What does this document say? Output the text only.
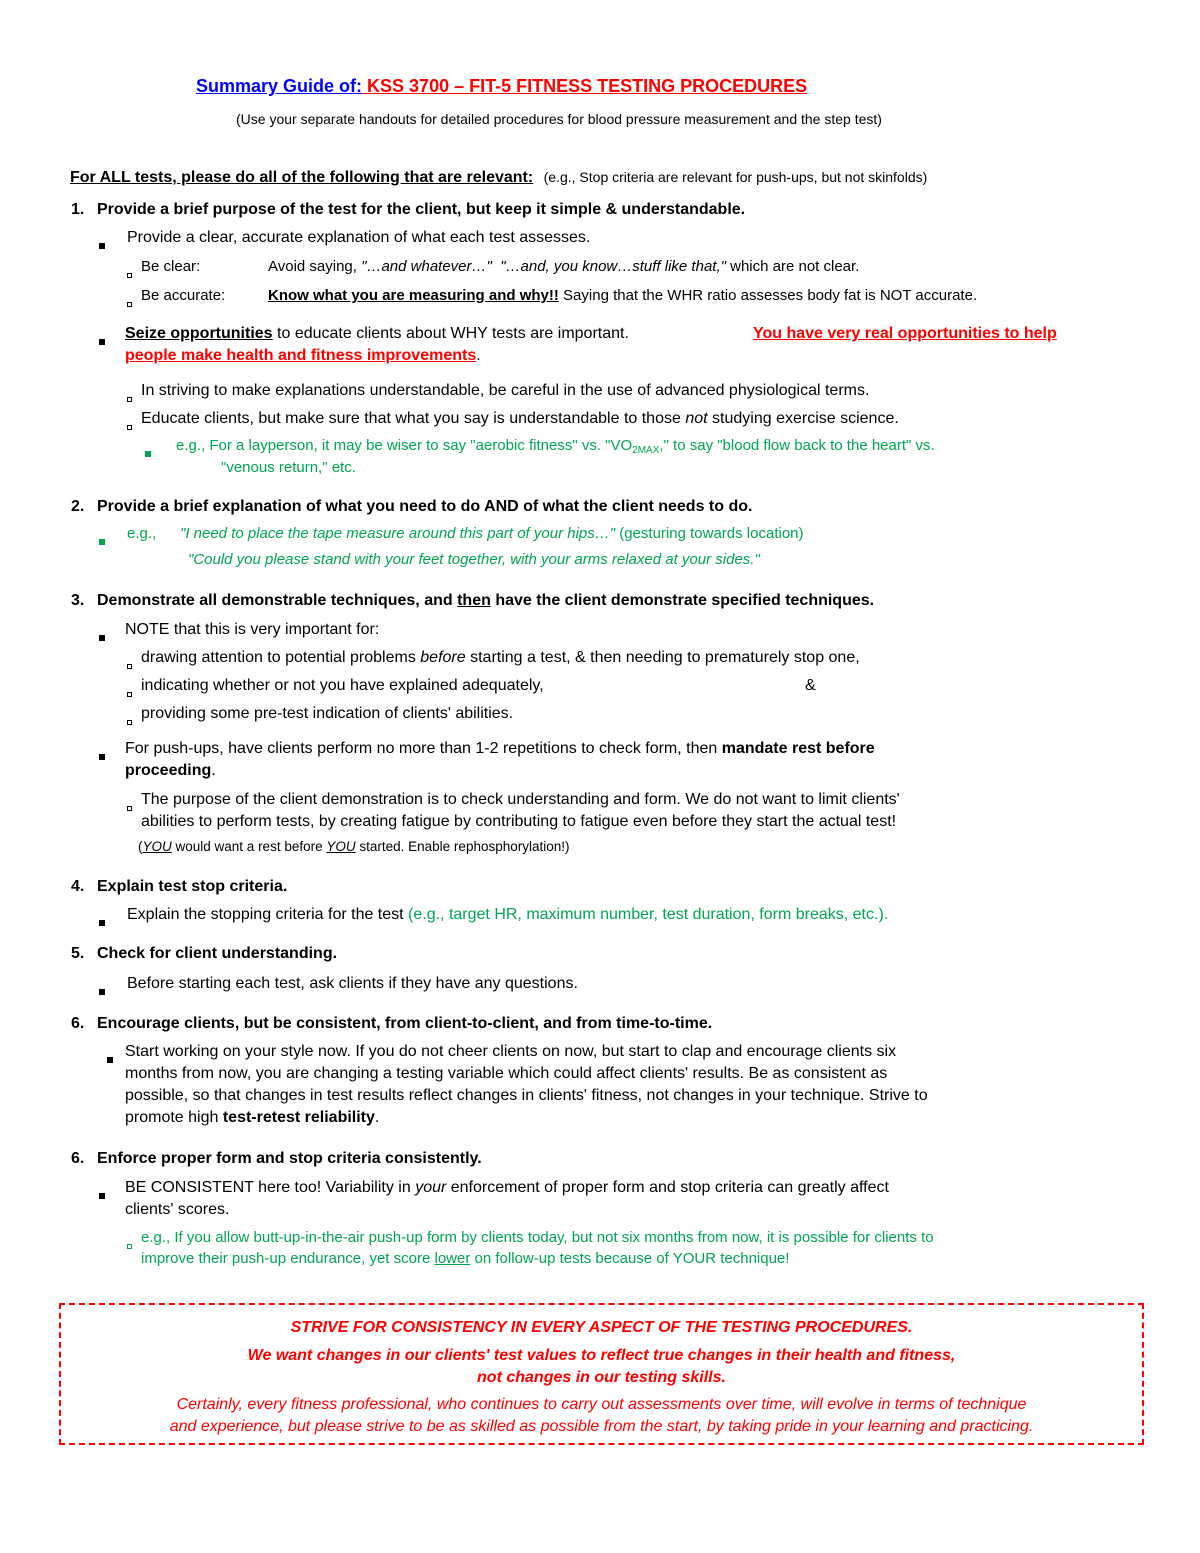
Summary Guide of: KSS 3700 – FIT-5 FITNESS TESTING PROCEDURES
(Use your separate handouts for detailed procedures for blood pressure measurement and the step test)
For ALL tests, please do all of the following that are relevant: (e.g., Stop criteria are relevant for push-ups, but not skinfolds)
1. Provide a brief purpose of the test for the client, but keep it simple & understandable.
Provide a clear, accurate explanation of what each test assesses.
Be clear:	Avoid saying, "…and whatever…" "…and, you know…stuff like that," which are not clear.
Be accurate:	Know what you are measuring and why!! Saying that the WHR ratio assesses body fat is NOT accurate.
Seize opportunities to educate clients about WHY tests are important.	You have very real opportunities to help
people make health and fitness improvements.
In striving to make explanations understandable, be careful in the use of advanced physiological terms.
Educate clients, but make sure that what you say is understandable to those not studying exercise science.
e.g., For a layperson, it may be wiser to say "aerobic fitness" vs. "$VO_{2MAX}$," to say "blood flow back to the heart" vs.
"venous return," etc.
2. Provide a brief explanation of what you need to do AND of what the client needs to do.
e.g., "I need to place the tape measure around this part of your hips…" (gesturing towards location)
"Could you please stand with your feet together, with your arms relaxed at your sides."
3. Demonstrate all demonstrable techniques, and then have the client demonstrate specified techniques.
NOTE that this is very important for:
drawing attention to potential problems before starting a test, & then needing to prematurely stop one,
indicating whether or not you have explained adequately,	&
providing some pre-test indication of clients' abilities.
For push-ups, have clients perform no more than 1-2 repetitions to check form, then mandate rest before
proceeding.
The purpose of the client demonstration is to check understanding and form. We do not want to limit clients'
abilities to perform tests, by creating fatigue by contributing to fatigue even before they start the actual test!
(YOU would want a rest before YOU started. Enable rephosphorylation!)
4. Explain test stop criteria.
Explain the stopping criteria for the test (e.g., target HR, maximum number, test duration, form breaks, etc.).
5. Check for client understanding.
Before starting each test, ask clients if they have any questions.
6. Encourage clients, but be consistent, from client-to-client, and from time-to-time.
Start working on your style now. If you do not cheer clients on now, but start to clap and encourage clients six
months from now, you are changing a testing variable which could affect clients' results. Be as consistent as
possible, so that changes in test results reflect changes in clients' fitness, not changes in your technique. Strive to
promote high test-retest reliability.
6. Enforce proper form and stop criteria consistently.
BE CONSISTENT here too! Variability in your enforcement of proper form and stop criteria can greatly affect
clients' scores.
e.g., If you allow butt-up-in-the-air push-up form by clients today, but not six months from now, it is possible for clients to
improve their push-up endurance, yet score lower on follow-up tests because of YOUR technique!
STRIVE FOR CONSISTENCY IN EVERY ASPECT OF THE TESTING PROCEDURES.
We want changes in our clients' test values to reflect true changes in their health and fitness,
not changes in our testing skills.
Certainly, every fitness professional, who continues to carry out assessments over time, will evolve in terms of technique
and experience, but please strive to be as skilled as possible from the start, by taking pride in your learning and practicing.
